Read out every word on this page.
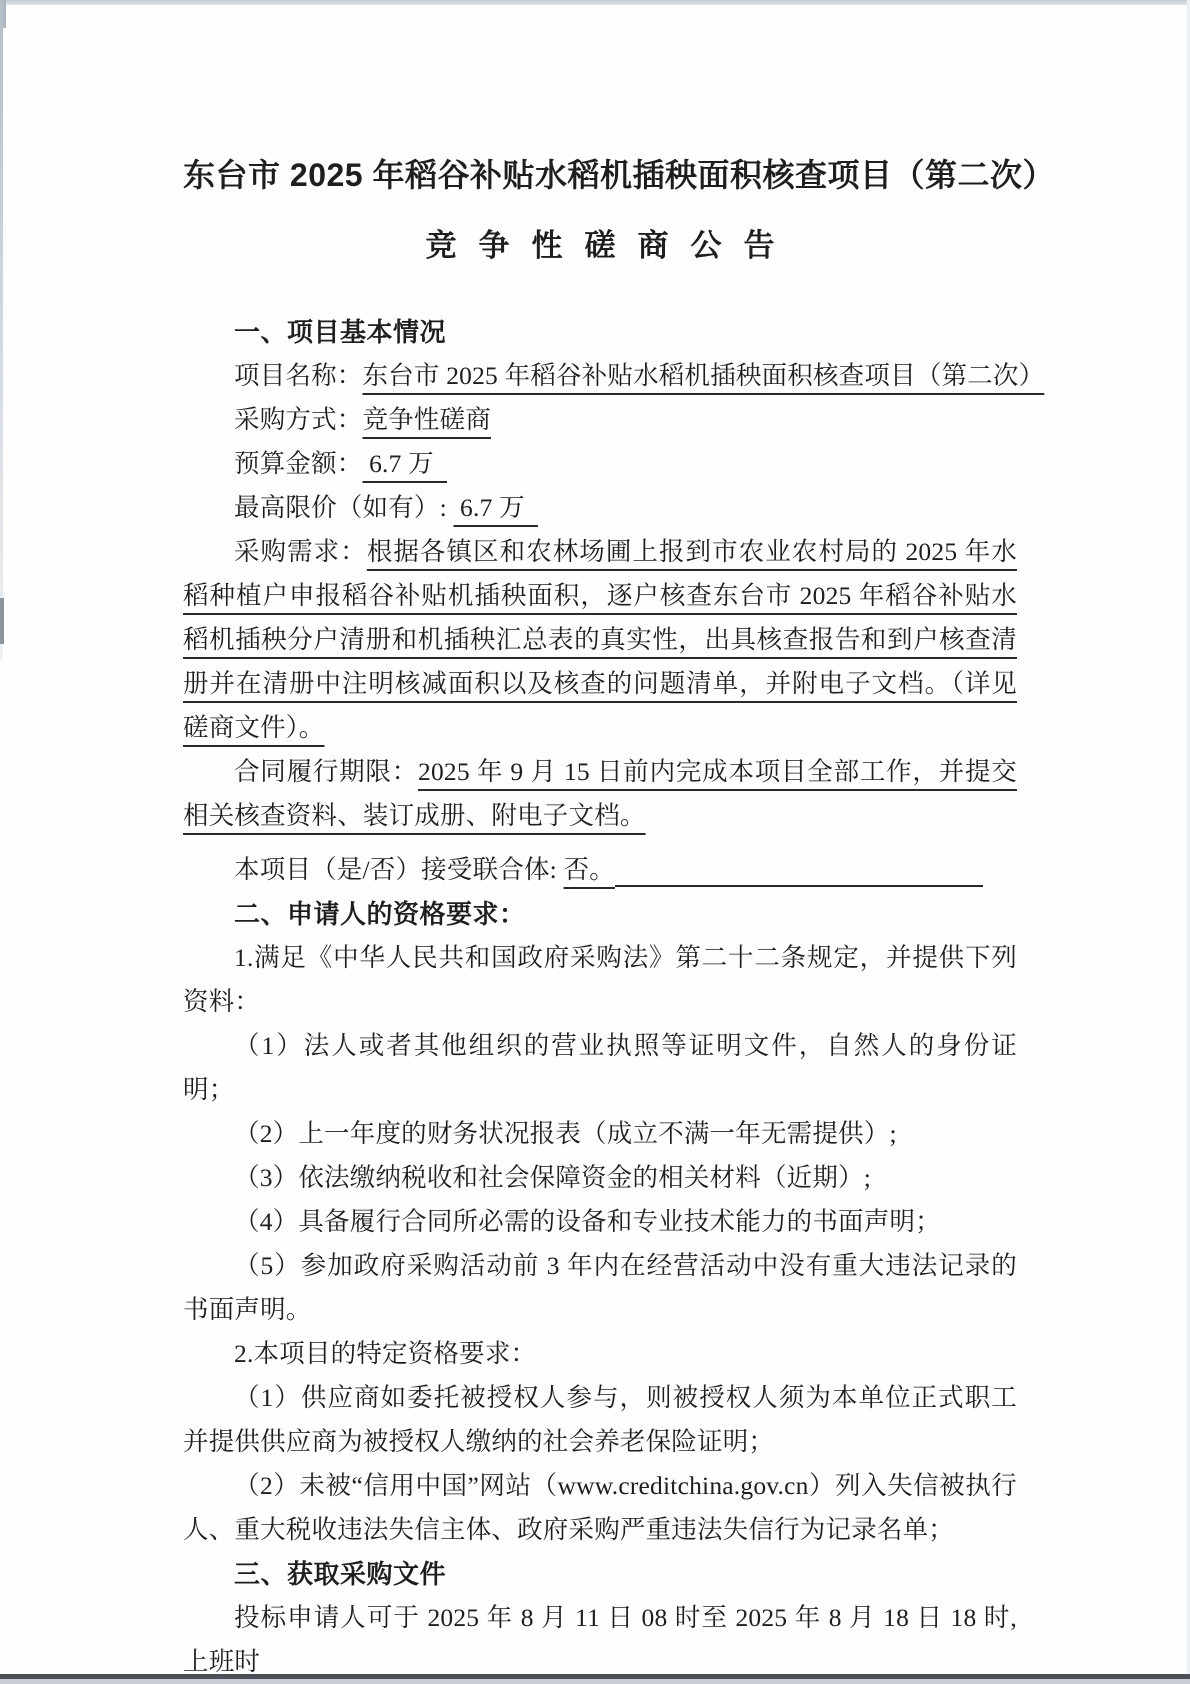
东台市 2025 年稻谷补贴水稻机插秧面积核查项目（第二次）
竞争性磋商公告
一、项目基本情况

项目名称：东台市 2025 年稻谷补贴水稻机插秧面积核查项目（第二次）

采购方式：竞争性磋商

预算金额： 6.7 万

最高限价（如有）:  6.7 万

采购需求：根据各镇区和农林场圃上报到市农业农村局的 2025 年水稻种植户申报稻谷补贴机插秧面积，逐户核查东台市 2025 年稻谷补贴水稻机插秧分户清册和机插秧汇总表的真实性，出具核查报告和到户核查清册并在清册中注明核减面积以及核查的问题清单，并附电子文档。（详见磋商文件）。

合同履行期限：2025 年 9 月 15 日前内完成本项目全部工作，并提交相关核查资料、装订成册、附电子文档。

本项目（是/否）接受联合体: 否。

二、申请人的资格要求：

1.满足《中华人民共和国政府采购法》第二十二条规定，并提供下列资料：

（1）法人或者其他组织的营业执照等证明文件，自然人的身份证明；

（2）上一年度的财务状况报表（成立不满一年无需提供）;

（3）依法缴纳税收和社会保障资金的相关材料（近期）;

（4）具备履行合同所必需的设备和专业技术能力的书面声明；

（5）参加政府采购活动前 3 年内在经营活动中没有重大违法记录的书面声明。

2.本项目的特定资格要求：

（1）供应商如委托被授权人参与，则被授权人须为本单位正式职工并提供供应商为被授权人缴纳的社会养老保险证明；

（2）未被“信用中国”网站（www.creditchina.gov.cn）列入失信被执行人、重大税收违法失信主体、政府采购严重违法失信行为记录名单；

三、获取采购文件

投标申请人可于 2025 年 8 月 11 日 08 时至 2025 年 8 月 18 日 18 时, 上班时
